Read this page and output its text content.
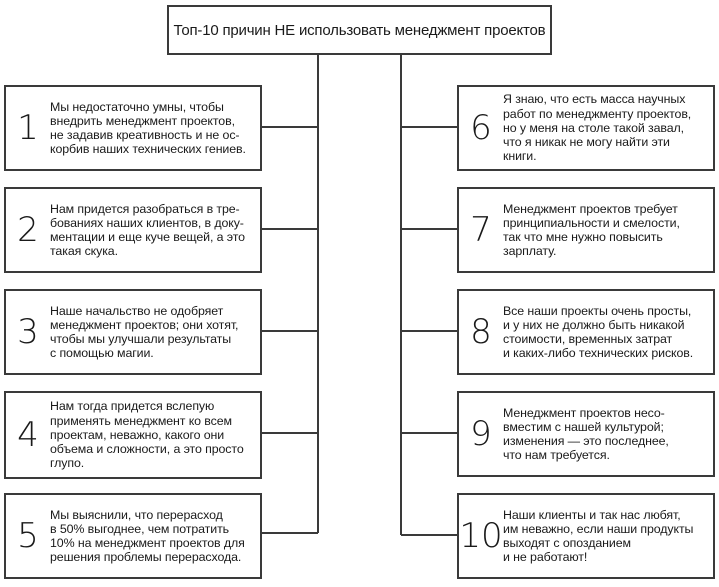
Топ-10 причин НЕ использовать менеджмент проектов
1
Мы недостаточно умны, чтобы
внедрить менеджмент проектов,
не задавив креативность и не ос-
корбив наших технических гениев.
2
Нам придется разобраться в тре-
бованиях наших клиентов, в доку-
ментации и еще куче вещей, а это
такая скука.
3
Наше начальство не одобряет
менеджмент проектов; они хотят,
чтобы мы улучшали результаты
с помощью магии.
4
Нам тогда придется вслепую
применять менеджмент ко всем
проектам, неважно, какого они
объема и сложности, а это просто
глупо.
5
Мы выяснили, что перерасход
в 50% выгоднее, чем потратить
10% на менеджмент проектов для
решения проблемы перерасхода.
6
Я знаю, что есть масса научных
работ по менеджменту проектов,
но у меня на столе такой завал,
что я никак не могу найти эти
книги.
7
Менеджмент проектов требует
принципиальности и смелости,
так что мне нужно повысить
зарплату.
8
Все наши проекты очень просты,
и у них не должно быть никакой
стоимости, временных затрат
и каких-либо технических рисков.
9
Менеджмент проектов несо-
вместим с нашей культурой;
изменения — это последнее,
что нам требуется.
10
Наши клиенты и так нас любят,
им неважно, если наши продукты
выходят с опозданием
и не работают!
